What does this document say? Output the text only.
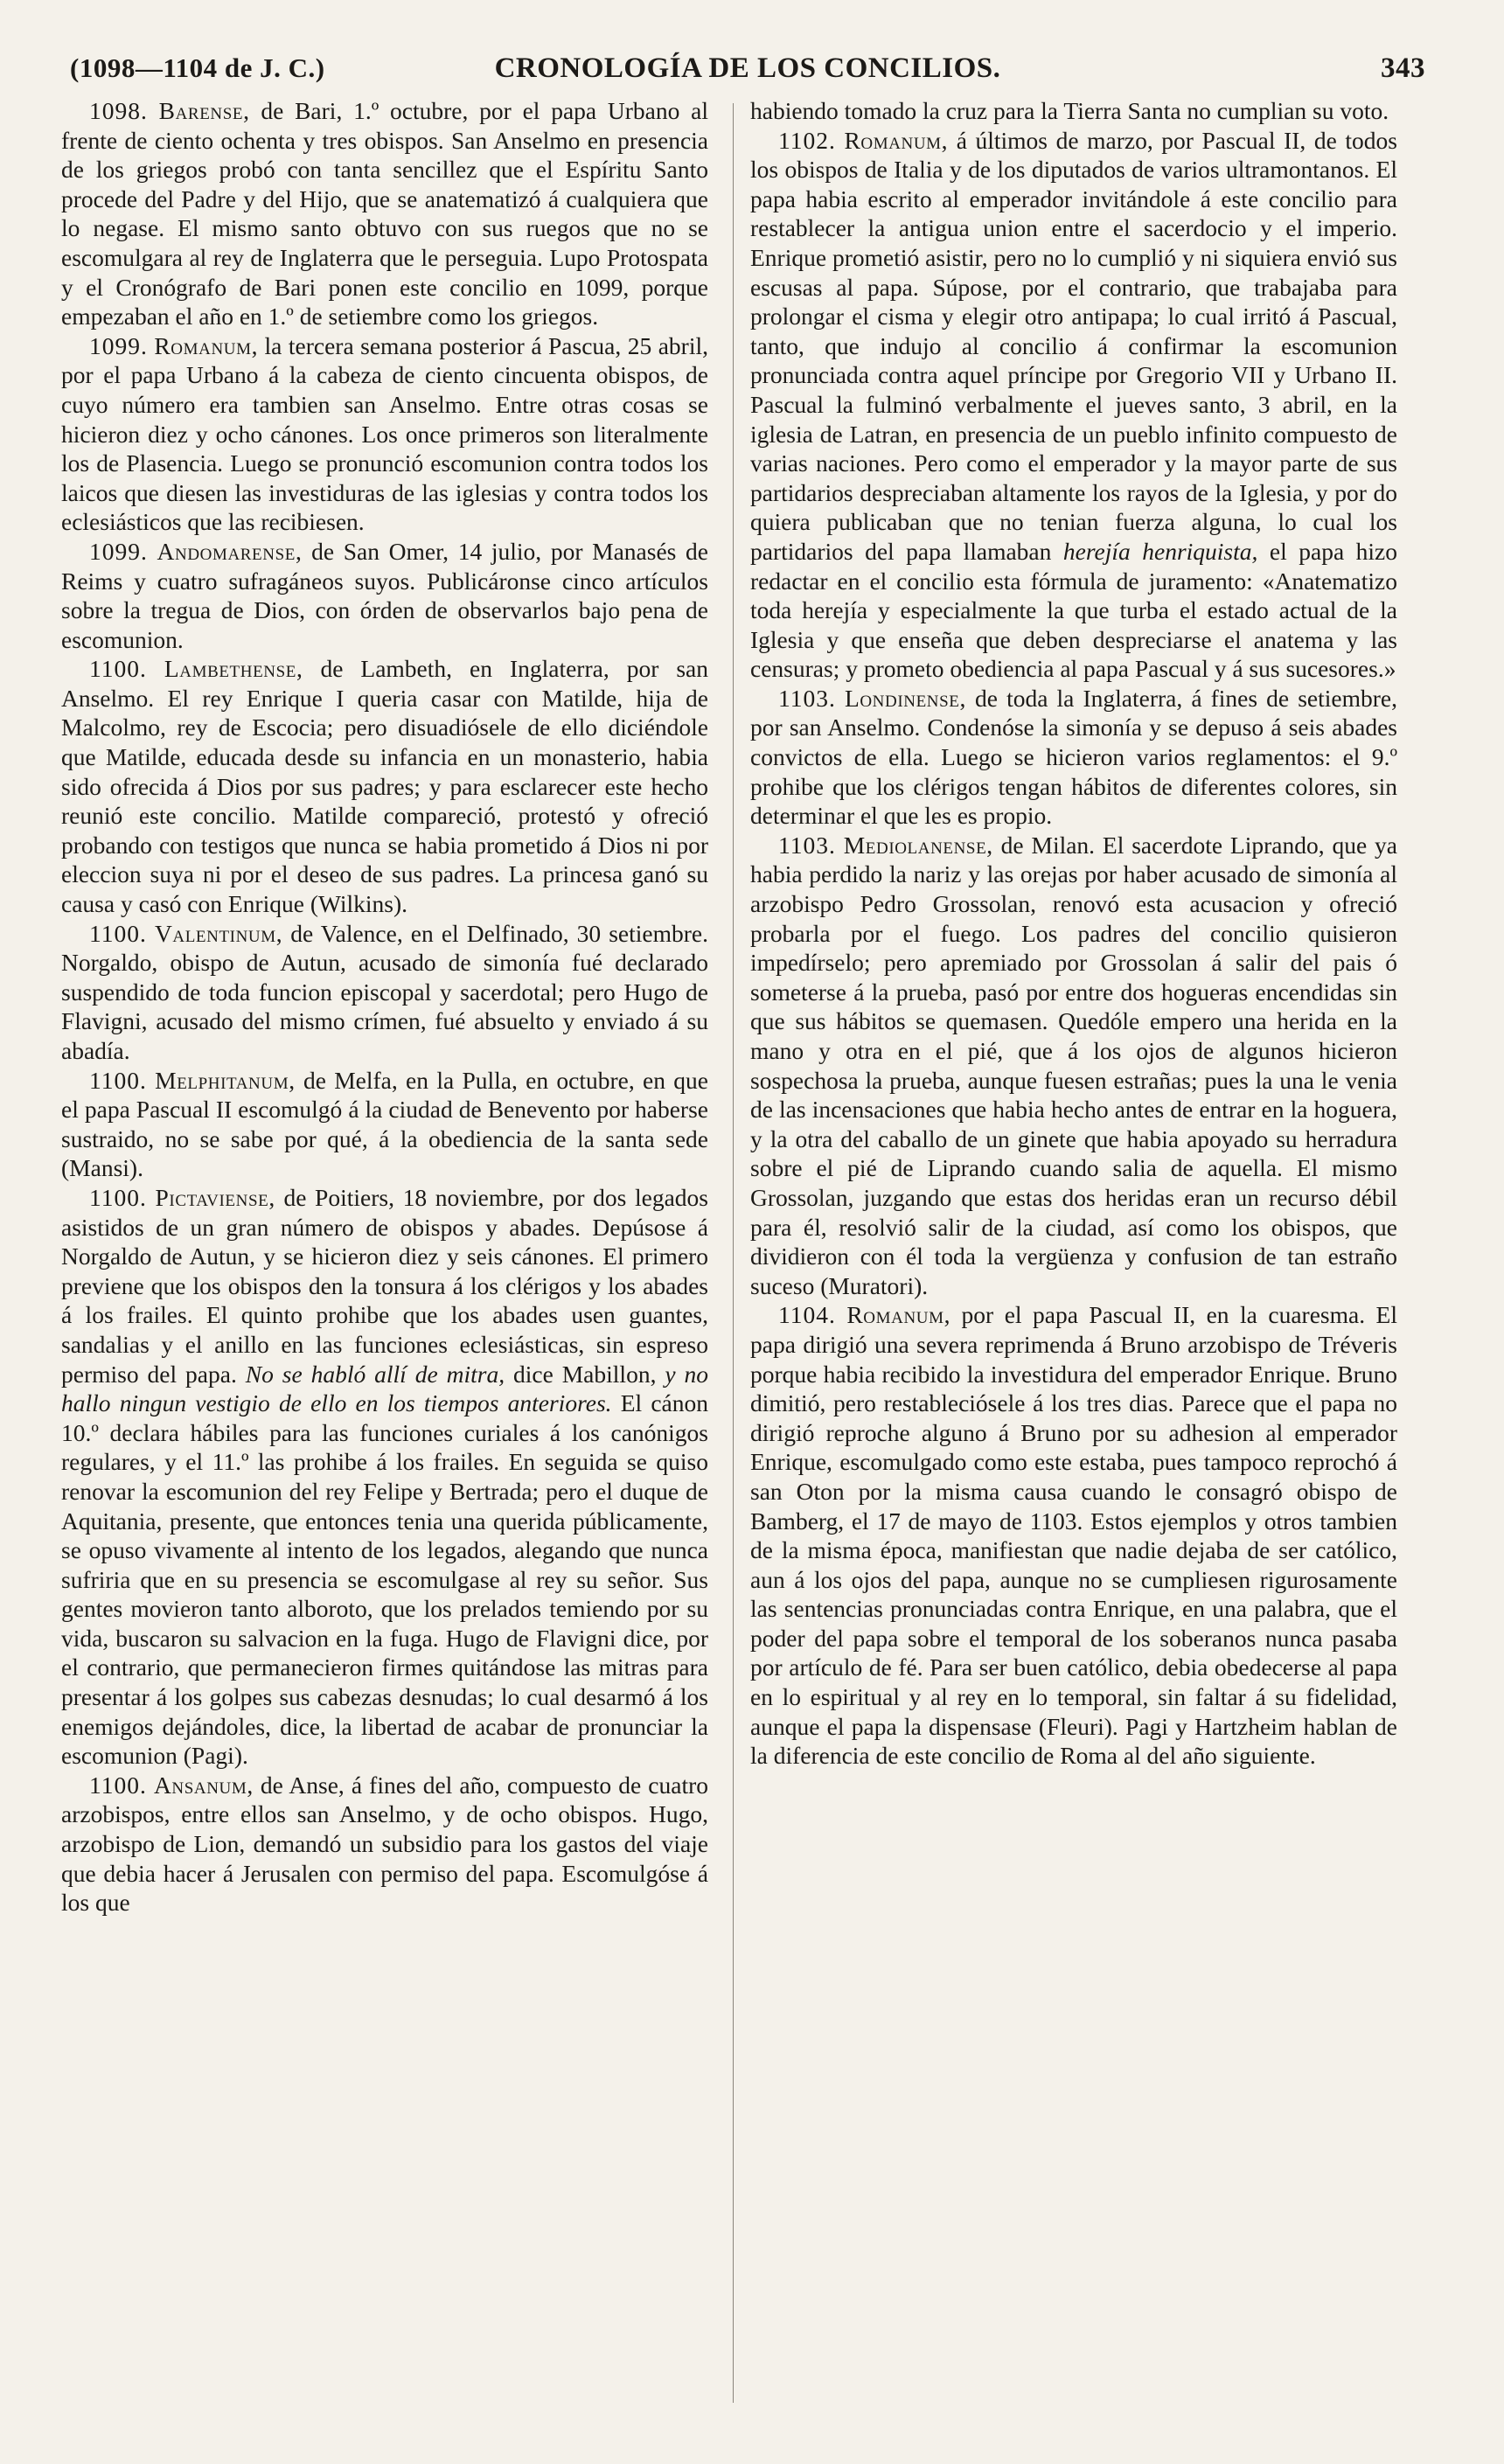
(1098—1104 de J. C.)	CRONOLOGÍA DE LOS CONCILIOS.	343

1098. Barense, de Bari, 1.º octubre, por el papa Urbano al frente de ciento ochenta y tres obispos. San Anselmo en presencia de los griegos probó con tanta sencillez que el Espíritu Santo procede del Padre y del Hijo, que se anatematizó á cualquiera que lo negase. El mismo santo obtuvo con sus ruegos que no se escomulgara al rey de Inglaterra que le perseguia. Lupo Protospata y el Cronógrafo de Bari ponen este concilio en 1099, porque empezaban el año en 1.º de setiembre como los griegos.

1099. Romanum, la tercera semana posterior á Pascua, 25 abril, por el papa Urbano á la cabeza de ciento cincuenta obispos, de cuyo número era tambien san Anselmo. Entre otras cosas se hicieron diez y ocho cánones. Los once primeros son literalmente los de Plasencia. Luego se pronunció escomunion contra todos los laicos que diesen las investiduras de las iglesias y contra todos los eclesiásticos que las recibiesen.

1099. Andomarense, de San Omer, 14 julio, por Manasés de Reims y cuatro sufragáneos suyos. Publicáronse cinco artículos sobre la tregua de Dios, con órden de observarlos bajo pena de escomunion.

1100. Lambethense, de Lambeth, en Inglaterra, por san Anselmo. El rey Enrique I queria casar con Matilde, hija de Malcolmo, rey de Escocia; pero disuadiósele de ello diciéndole que Matilde, educada desde su infancia en un monasterio, habia sido ofrecida á Dios por sus padres; y para esclarecer este hecho reunió este concilio. Matilde compareció, protestó y ofreció probando con testigos que nunca se habia prometido á Dios ni por eleccion suya ni por el deseo de sus padres. La princesa ganó su causa y casó con Enrique (Wilkins).

1100. Valentinum, de Valence, en el Delfinado, 30 setiembre. Norgaldo, obispo de Autun, acusado de simonía fué declarado suspendido de toda funcion episcopal y sacerdotal; pero Hugo de Flavigni, acusado del mismo crímen, fué absuelto y enviado á su abadía.

1100. Melphitanum, de Melfa, en la Pulla, en octubre, en que el papa Pascual II escomulgó á la ciudad de Benevento por haberse sustraido, no se sabe por qué, á la obediencia de la santa sede (Mansi).

1100. Pictaviense, de Poitiers, 18 noviembre, por dos legados asistidos de un gran número de obispos y abades. Depúsose á Norgaldo de Autun, y se hicieron diez y seis cánones. El primero previene que los obispos den la tonsura á los clérigos y los abades á los frailes. El quinto prohibe que los abades usen guantes, sandalias y el anillo en las funciones eclesiásticas, sin espreso permiso del papa. No se habló allí de mitra, dice Mabillon, y no hallo ningun vestigio de ello en los tiempos anteriores. El cánon 10.º declara hábiles para las funciones curiales á los canónigos regulares, y el 11.º las prohibe á los frailes. En seguida se quiso renovar la escomunion del rey Felipe y Bertrada; pero el duque de Aquitania, presente, que entonces tenia una querida públicamente, se opuso vivamente al intento de los legados, alegando que nunca sufriria que en su presencia se escomulgase al rey su señor. Sus gentes movieron tanto alboroto, que los prelados temiendo por su vida, buscaron su salvacion en la fuga. Hugo de Flavigni dice, por el contrario, que permanecieron firmes quitándose las mitras para presentar á los golpes sus cabezas desnudas; lo cual desarmó á los enemigos dejándoles, dice, la libertad de acabar de pronunciar la escomunion (Pagi).

1100. Ansanum, de Anse, á fines del año, compuesto de cuatro arzobispos, entre ellos san Anselmo, y de ocho obispos. Hugo, arzobispo de Lion, demandó un subsidio para los gastos del viaje que debia hacer á Jerusalen con permiso del papa. Escomulgóse á los que

habiendo tomado la cruz para la Tierra Santa no cumplian su voto.

1102. Romanum, á últimos de marzo, por Pascual II, de todos los obispos de Italia y de los diputados de varios ultramontanos. El papa habia escrito al emperador invitándole á este concilio para restablecer la antigua union entre el sacerdocio y el imperio. Enrique prometió asistir, pero no lo cumplió y ni siquiera envió sus escusas al papa. Súpose, por el contrario, que trabajaba para prolongar el cisma y elegir otro antipapa; lo cual irritó á Pascual, tanto, que indujo al concilio á confirmar la escomunion pronunciada contra aquel príncipe por Gregorio VII y Urbano II. Pascual la fulminó verbalmente el jueves santo, 3 abril, en la iglesia de Latran, en presencia de un pueblo infinito compuesto de varias naciones. Pero como el emperador y la mayor parte de sus partidarios despreciaban altamente los rayos de la Iglesia, y por do quiera publicaban que no tenian fuerza alguna, lo cual los partidarios del papa llamaban herejía henriquista, el papa hizo redactar en el concilio esta fórmula de juramento: «Anatematizo toda herejía y especialmente la que turba el estado actual de la Iglesia y que enseña que deben despreciarse el anatema y las censuras; y prometo obediencia al papa Pascual y á sus sucesores.»

1103. Londinense, de toda la Inglaterra, á fines de setiembre, por san Anselmo. Condenóse la simonía y se depuso á seis abades convictos de ella. Luego se hicieron varios reglamentos: el 9.º prohibe que los clérigos tengan hábitos de diferentes colores, sin determinar el que les es propio.

1103. Mediolanense, de Milan. El sacerdote Liprando, que ya habia perdido la nariz y las orejas por haber acusado de simonía al arzobispo Pedro Grossolan, renovó esta acusacion y ofreció probarla por el fuego. Los padres del concilio quisieron impedírselo; pero apremiado por Grossolan á salir del pais ó someterse á la prueba, pasó por entre dos hogueras encendidas sin que sus hábitos se quemasen. Quedóle empero una herida en la mano y otra en el pié, que á los ojos de algunos hicieron sospechosa la prueba, aunque fuesen estrañas; pues la una le venia de las incensaciones que habia hecho antes de entrar en la hoguera, y la otra del caballo de un ginete que habia apoyado su herradura sobre el pié de Liprando cuando salia de aquella. El mismo Grossolan, juzgando que estas dos heridas eran un recurso débil para él, resolvió salir de la ciudad, así como los obispos, que dividieron con él toda la vergüenza y confusion de tan estraño suceso (Muratori).

1104. Romanum, por el papa Pascual II, en la cuaresma. El papa dirigió una severa reprimenda á Bruno arzobispo de Tréveris porque habia recibido la investidura del emperador Enrique. Bruno dimitió, pero restableciósele á los tres dias. Parece que el papa no dirigió reproche alguno á Bruno por su adhesion al emperador Enrique, escomulgado como este estaba, pues tampoco reprochó á san Oton por la misma causa cuando le consagró obispo de Bamberg, el 17 de mayo de 1103. Estos ejemplos y otros tambien de la misma época, manifiestan que nadie dejaba de ser católico, aun á los ojos del papa, aunque no se cumpliesen rigurosamente las sentencias pronunciadas contra Enrique, en una palabra, que el poder del papa sobre el temporal de los soberanos nunca pasaba por artículo de fé. Para ser buen católico, debia obedecerse al papa en lo espiritual y al rey en lo temporal, sin faltar á su fidelidad, aunque el papa la dispensase (Fleuri). Pagi y Hartzheim hablan de la diferencia de este concilio de Roma al del año siguiente.
